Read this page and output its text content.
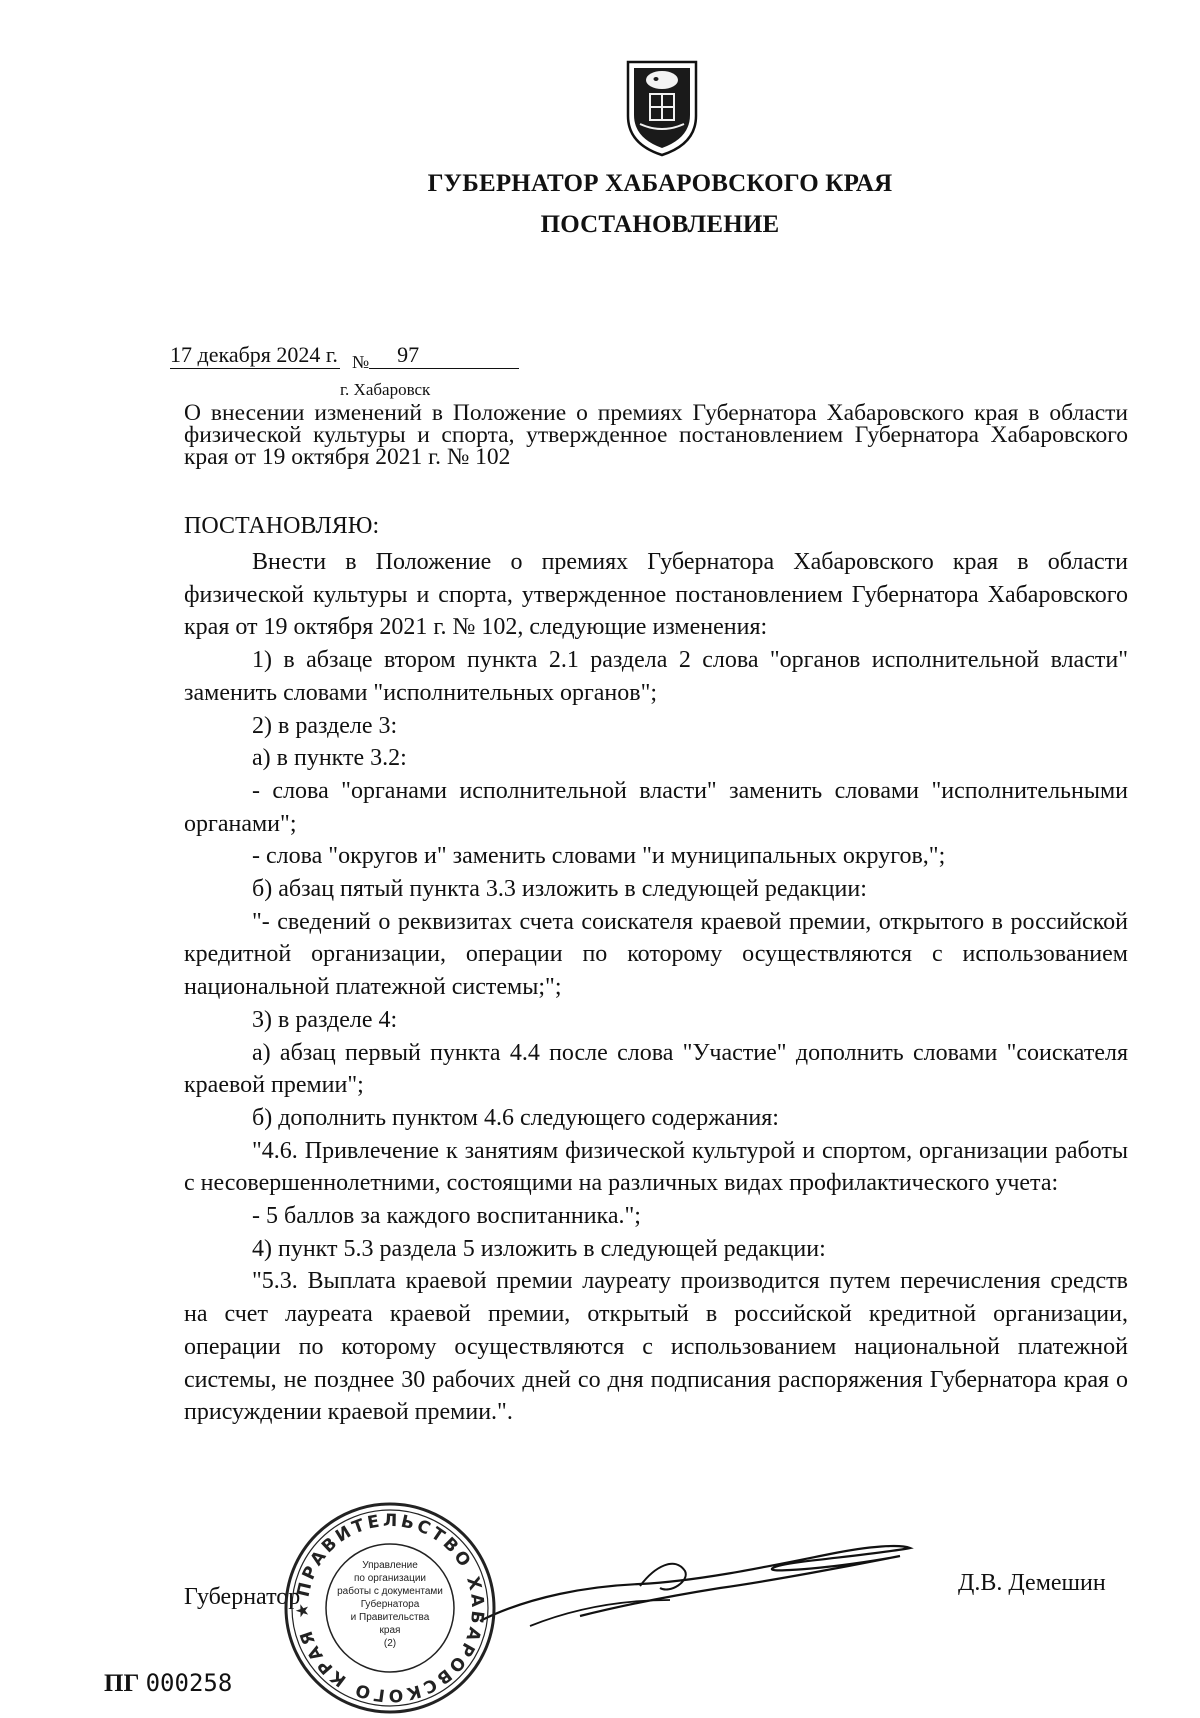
ГУБЕРНАТОР ХАБАРОВСКОГО КРАЯ
ПОСТАНОВЛЕНИЕ
17 декабря 2024 г. № 97
г. Хабаровск
О внесении изменений в Положение о премиях Губернатора Хабаровского края в области физической культуры и спорта, утвержденное постановлением Губернатора Хабаровского края от 19 октября 2021 г. № 102
ПОСТАНОВЛЯЮ:

Внести в Положение о премиях Губернатора Хабаровского края в области физической культуры и спорта, утвержденное постановлением Губернатора Хабаровского края от 19 октября 2021 г. № 102, следующие изменения:

1) в абзаце втором пункта 2.1 раздела 2 слова "органов исполнительной власти" заменить словами "исполнительных органов";

2) в разделе 3:

а) в пункте 3.2:

- слова "органами исполнительной власти" заменить словами "исполнительными органами";

- слова "округов и" заменить словами "и муниципальных округов,";

б) абзац пятый пункта 3.3 изложить в следующей редакции:

"- сведений о реквизитах счета соискателя краевой премии, открытого в российской кредитной организации, операции по которому осуществляются с использованием национальной платежной системы;";

3) в разделе 4:

а) абзац первый пункта 4.4 после слова "Участие" дополнить словами "соискателя краевой премии";

б) дополнить пунктом 4.6 следующего содержания:

"4.6. Привлечение к занятиям физической культурой и спортом, организации работы с несовершеннолетними, состоящими на различных видах профилактического учета:

- 5 баллов за каждого воспитанника.";

4) пункт 5.3 раздела 5 изложить в следующей редакции:

"5.3. Выплата краевой премии лауреату производится путем перечисления средств на счет лауреата краевой премии, открытый в российской кредитной организации, операции по которому осуществляются с использованием национальной платежной системы, не позднее 30 рабочих дней со дня подписания распоряжения Губернатора края о присуждении краевой премии.".

Губернатор
Д.В. Демешин
ПРАВИТЕЛЬСТВО ХАБАРОВСКОГО КРАЯ ★
Управление
по организации
работы с документами
Губернатора
и Правительства
края
(2)
ПГ 000258
